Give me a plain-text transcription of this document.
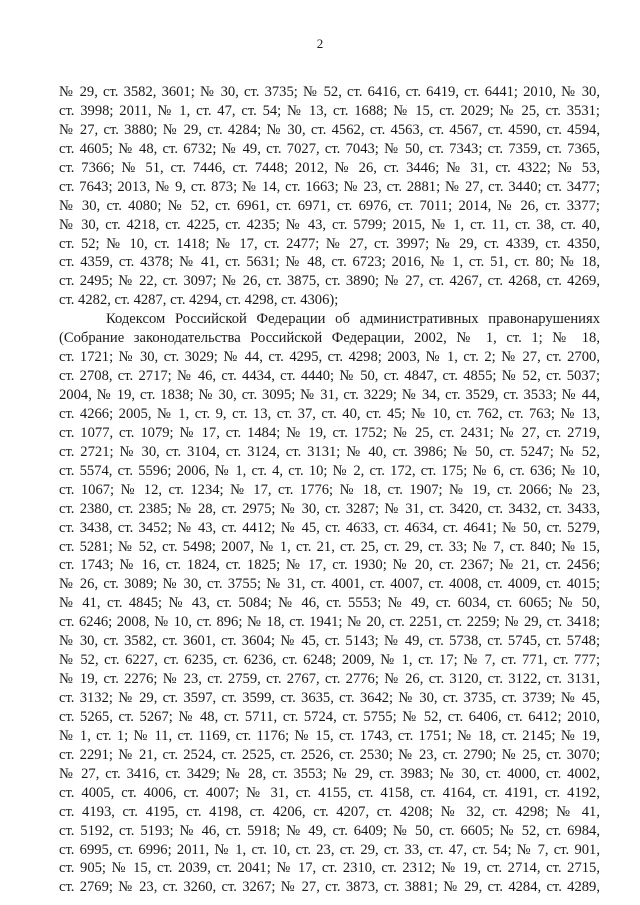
2
№ 29, ст. 3582, 3601; № 30, ст. 3735; № 52, ст. 6416, ст. 6419, ст. 6441; 2010, № 30,
ст. 3998; 2011, № 1, ст. 47, ст. 54; № 13, ст. 1688; № 15, ст. 2029; № 25, ст. 3531;
№ 27, ст. 3880; № 29, ст. 4284; № 30, ст. 4562, ст. 4563, ст. 4567, ст. 4590, ст. 4594,
ст. 4605; № 48, ст. 6732; № 49, ст. 7027, ст. 7043; № 50, ст. 7343; ст. 7359, ст. 7365,
ст. 7366; № 51, ст. 7446, ст. 7448; 2012, № 26, ст. 3446; № 31, ст. 4322; № 53,
ст. 7643; 2013, № 9, ст. 873; № 14, ст. 1663; № 23, ст. 2881; № 27, ст. 3440; ст. 3477;
№ 30, ст. 4080; № 52, ст. 6961, ст. 6971, ст. 6976, ст. 7011; 2014, № 26, ст. 3377;
№ 30, ст. 4218, ст. 4225, ст. 4235; № 43, ст. 5799; 2015, № 1, ст. 11, ст. 38, ст. 40,
ст. 52; № 10, ст. 1418; № 17, ст. 2477; № 27, ст. 3997; № 29, ст. 4339, ст. 4350,
ст. 4359, ст. 4378; № 41, ст. 5631; № 48, ст. 6723; 2016, № 1, ст. 51, ст. 80; № 18,
ст. 2495; № 22, ст. 3097; № 26, ст. 3875, ст. 3890; № 27, ст. 4267, ст. 4268, ст. 4269,
ст. 4282, ст. 4287, ст. 4294, ст. 4298, ст. 4306);
Кодексом Российской Федерации об административных правонарушениях
(Собрание законодательства Российской Федерации, 2002, № 1, ст. 1; № 18,
ст. 1721; № 30, ст. 3029; № 44, ст. 4295, ст. 4298; 2003, № 1, ст. 2; № 27, ст. 2700,
ст. 2708, ст. 2717; № 46, ст. 4434, ст. 4440; № 50, ст. 4847, ст. 4855; № 52, ст. 5037;
2004, № 19, ст. 1838; № 30, ст. 3095; № 31, ст. 3229; № 34, ст. 3529, ст. 3533; № 44,
ст. 4266; 2005, № 1, ст. 9, ст. 13, ст. 37, ст. 40, ст. 45; № 10, ст. 762, ст. 763; № 13,
ст. 1077, ст. 1079; № 17, ст. 1484; № 19, ст. 1752; № 25, ст. 2431; № 27, ст. 2719,
ст. 2721; № 30, ст. 3104, ст. 3124, ст. 3131; № 40, ст. 3986; № 50, ст. 5247; № 52,
ст. 5574, ст. 5596; 2006, № 1, ст. 4, ст. 10; № 2, ст. 172, ст. 175; № 6, ст. 636; № 10,
ст. 1067; № 12, ст. 1234; № 17, ст. 1776; № 18, ст. 1907; № 19, ст. 2066; № 23,
ст. 2380, ст. 2385; № 28, ст. 2975; № 30, ст. 3287; № 31, ст. 3420, ст. 3432, ст. 3433,
ст. 3438, ст. 3452; № 43, ст. 4412; № 45, ст. 4633, ст. 4634, ст. 4641; № 50, ст. 5279,
ст. 5281; № 52, ст. 5498; 2007, № 1, ст. 21, ст. 25, ст. 29, ст. 33; № 7, ст. 840; № 15,
ст. 1743; № 16, ст. 1824, ст. 1825; № 17, ст. 1930; № 20, ст. 2367; № 21, ст. 2456;
№ 26, ст. 3089; № 30, ст. 3755; № 31, ст. 4001, ст. 4007, ст. 4008, ст. 4009, ст. 4015;
№ 41, ст. 4845; № 43, ст. 5084; № 46, ст. 5553; № 49, ст. 6034, ст. 6065; № 50,
ст. 6246; 2008, № 10, ст. 896; № 18, ст. 1941; № 20, ст. 2251, ст. 2259; № 29, ст. 3418;
№ 30, ст. 3582, ст. 3601, ст. 3604; № 45, ст. 5143; № 49, ст. 5738, ст. 5745, ст. 5748;
№ 52, ст. 6227, ст. 6235, ст. 6236, ст. 6248; 2009, № 1, ст. 17; № 7, ст. 771, ст. 777;
№ 19, ст. 2276; № 23, ст. 2759, ст. 2767, ст. 2776; № 26, ст. 3120, ст. 3122, ст. 3131,
ст. 3132; № 29, ст. 3597, ст. 3599, ст. 3635, ст. 3642; № 30, ст. 3735, ст. 3739; № 45,
ст. 5265, ст. 5267; № 48, ст. 5711, ст. 5724, ст. 5755; № 52, ст. 6406, ст. 6412; 2010,
№ 1, ст. 1; № 11, ст. 1169, ст. 1176; № 15, ст. 1743, ст. 1751; № 18, ст. 2145; № 19,
ст. 2291; № 21, ст. 2524, ст. 2525, ст. 2526, ст. 2530; № 23, ст. 2790; № 25, ст. 3070;
№ 27, ст. 3416, ст. 3429; № 28, ст. 3553; № 29, ст. 3983; № 30, ст. 4000, ст. 4002,
ст. 4005, ст. 4006, ст. 4007; № 31, ст. 4155, ст. 4158, ст. 4164, ст. 4191, ст. 4192,
ст. 4193, ст. 4195, ст. 4198, ст. 4206, ст. 4207, ст. 4208; № 32, ст. 4298; № 41,
ст. 5192, ст. 5193; № 46, ст. 5918; № 49, ст. 6409; № 50, ст. 6605; № 52, ст. 6984,
ст. 6995, ст. 6996; 2011, № 1, ст. 10, ст. 23, ст. 29, ст. 33, ст. 47, ст. 54; № 7, ст. 901,
ст. 905; № 15, ст. 2039, ст. 2041; № 17, ст. 2310, ст. 2312; № 19, ст. 2714, ст. 2715,
ст. 2769; № 23, ст. 3260, ст. 3267; № 27, ст. 3873, ст. 3881; № 29, ст. 4284, ст. 4289,
